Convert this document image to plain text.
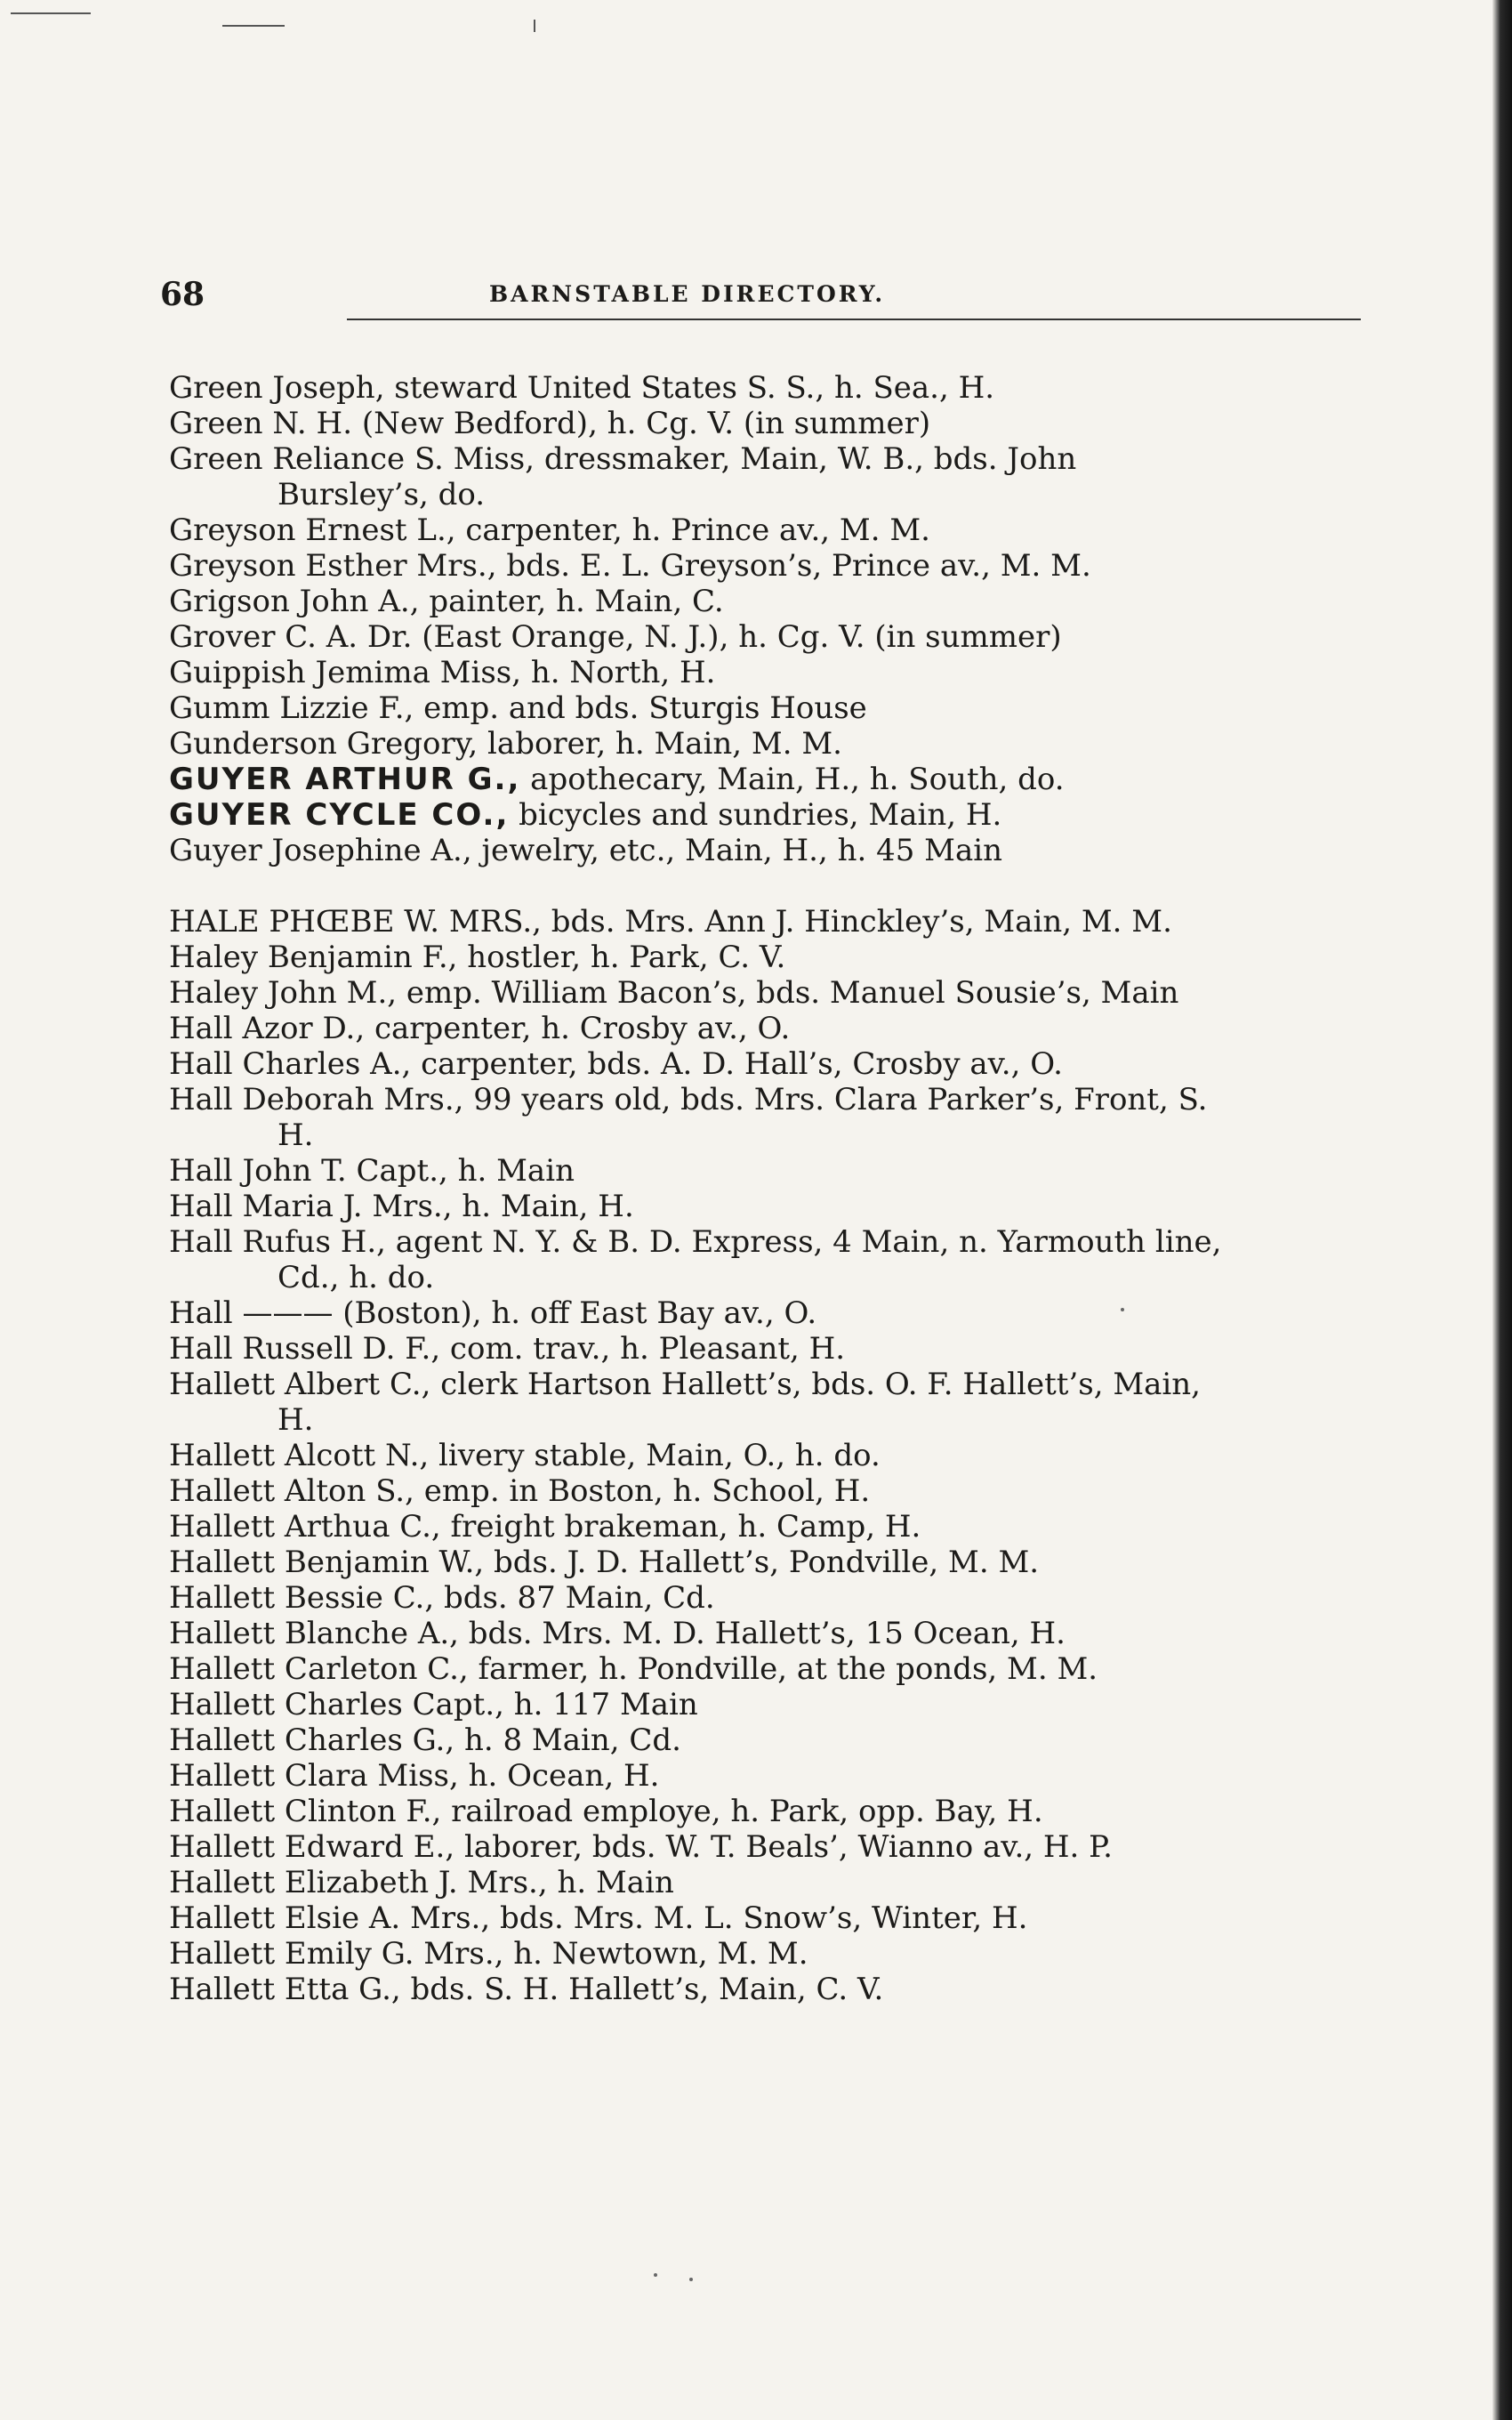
68	BARNSTABLE DIRECTORY.

Green Joseph, steward United States S. S., h. Sea., H.

Green N. H. (New Bedford), h. Cg. V. (in summer)

Green Reliance S. Miss, dressmaker, Main, W. B., bds. John Bursley’s, do.

Greyson Ernest L., carpenter, h. Prince av., M. M.

Greyson Esther Mrs., bds. E. L. Greyson’s, Prince av., M. M.

Grigson John A., painter, h. Main, C.

Grover C. A. Dr. (East Orange, N. J.), h. Cg. V. (in summer)

Guippish Jemima Miss, h. North, H.

Gumm Lizzie F., emp. and bds. Sturgis House

Gunderson Gregory, laborer, h. Main, M. M.

GUYER ARTHUR G., apothecary, Main, H., h. South, do.

GUYER CYCLE CO., bicycles and sundries, Main, H.

Guyer Josephine A., jewelry, etc., Main, H., h. 45 Main

HALE PHŒBE W. MRS., bds. Mrs. Ann J. Hinckley’s, Main, M. M.

Haley Benjamin F., hostler, h. Park, C. V.

Haley John M., emp. William Bacon’s, bds. Manuel Sousie’s, Main

Hall Azor D., carpenter, h. Crosby av., O.

Hall Charles A., carpenter, bds. A. D. Hall’s, Crosby av., O.

Hall Deborah Mrs., 99 years old, bds. Mrs. Clara Parker’s, Front, S. H.

Hall John T. Capt., h. Main

Hall Maria J. Mrs., h. Main, H.

Hall Rufus H., agent N. Y. & B. D. Express, 4 Main, n. Yarmouth line, Cd., h. do.

Hall ——— (Boston), h. off East Bay av., O.

Hall Russell D. F., com. trav., h. Pleasant, H.

Hallett Albert C., clerk Hartson Hallett’s, bds. O. F. Hallett’s, Main, H.

Hallett Alcott N., livery stable, Main, O., h. do.

Hallett Alton S., emp. in Boston, h. School, H.

Hallett Arthua C., freight brakeman, h. Camp, H.

Hallett Benjamin W., bds. J. D. Hallett’s, Pondville, M. M.

Hallett Bessie C., bds. 87 Main, Cd.

Hallett Blanche A., bds. Mrs. M. D. Hallett’s, 15 Ocean, H.

Hallett Carleton C., farmer, h. Pondville, at the ponds, M. M.

Hallett Charles Capt., h. 117 Main

Hallett Charles G., h. 8 Main, Cd.

Hallett Clara Miss, h. Ocean, H.

Hallett Clinton F., railroad employe, h. Park, opp. Bay, H.

Hallett Edward E., laborer, bds. W. T. Beals’, Wianno av., H. P.

Hallett Elizabeth J. Mrs., h. Main

Hallett Elsie A. Mrs., bds. Mrs. M. L. Snow’s, Winter, H.

Hallett Emily G. Mrs., h. Newtown, M. M.

Hallett Etta G., bds. S. H. Hallett’s, Main, C. V.
